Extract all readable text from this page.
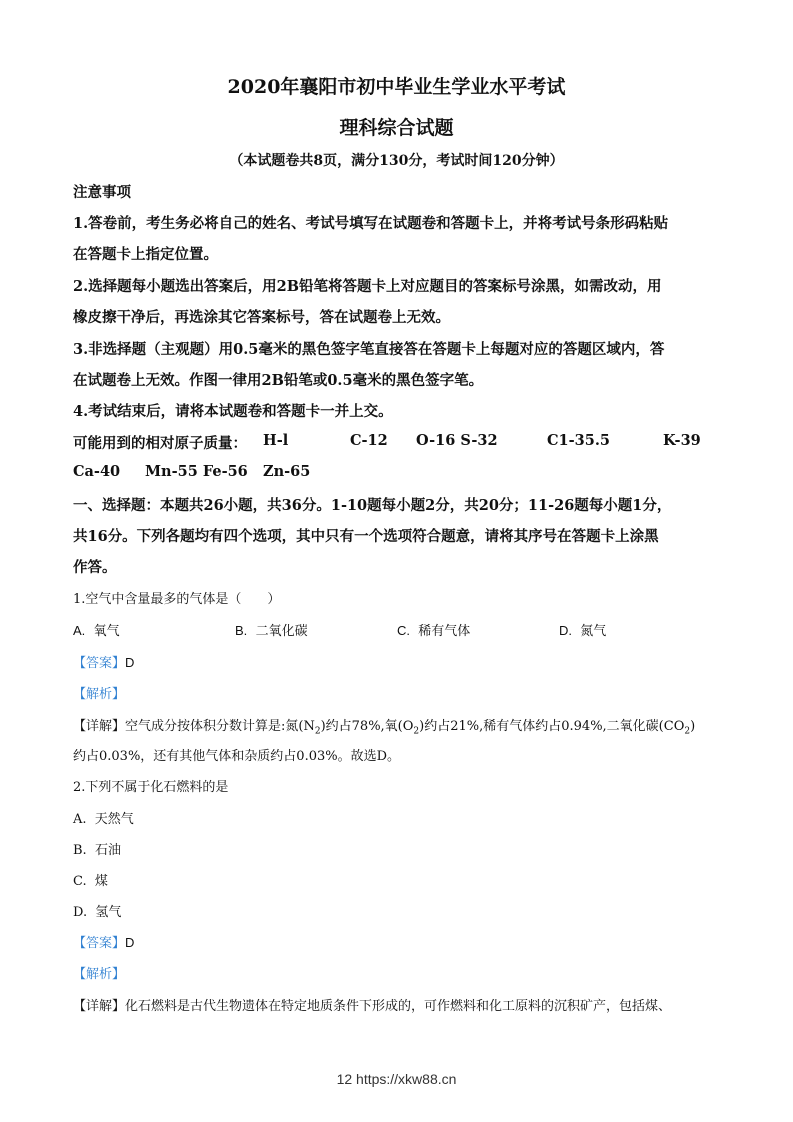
2020年襄阳市初中毕业生学业水平考试
理科综合试题
（本试题卷共8页，满分130分，考试时间120分钟）
注意事项
1.答卷前，考生务必将自己的姓名、考试号填写在试题卷和答题卡上，并将考试号条形码粘贴
在答题卡上指定位置。
2.选择题每小题选出答案后，用2B铅笔将答题卡上对应题目的答案标号涂黑，如需改动，用
橡皮擦干净后，再选涂其它答案标号，答在试题卷上无效。
3.非选择题（主观题）用0.5毫米的黑色签字笔直接答在答题卡上每题对应的答题区域内，答
在试题卷上无效。作图一律用2B铅笔或0.5毫米的黑色签字笔。
4.考试结束后，请将本试题卷和答题卡一并上交。
可能用到的相对原子质量： H-l	C-12 O-16 S-32	C1-35.5	K-39
Ca-40 Mn-55 Fe-56 Zn-65
一、选择题：本题共26小题，共36分。1-10题每小题2分，共20分；11-26题每小题1分，
共16分。下列各题均有四个选项，其中只有一个选项符合题意，请将其序号在答题卡上涂黑
作答。
1.空气中含量最多的气体是（　　）
A. 氧气	B. 二氧化碳	C. 稀有气体	D. 氮气
【答案】D
【解析】
【详解】空气成分按体积分数计算是:氮$(N_2)$约占78%,氧$(O_2)$约占21%,稀有气体约占0.94%,二氧化碳$(CO_2)$
约占0.03%，还有其他气体和杂质约占0.03%。故选D。
2.下列不属于化石燃料的是
A. 天然气
B. 石油
C. 煤
D. 氢气
【答案】D
【解析】
【详解】化石燃料是古代生物遗体在特定地质条件下形成的，可作燃料和化工原料的沉积矿产，包括煤、
12 https://xkw88.cn
